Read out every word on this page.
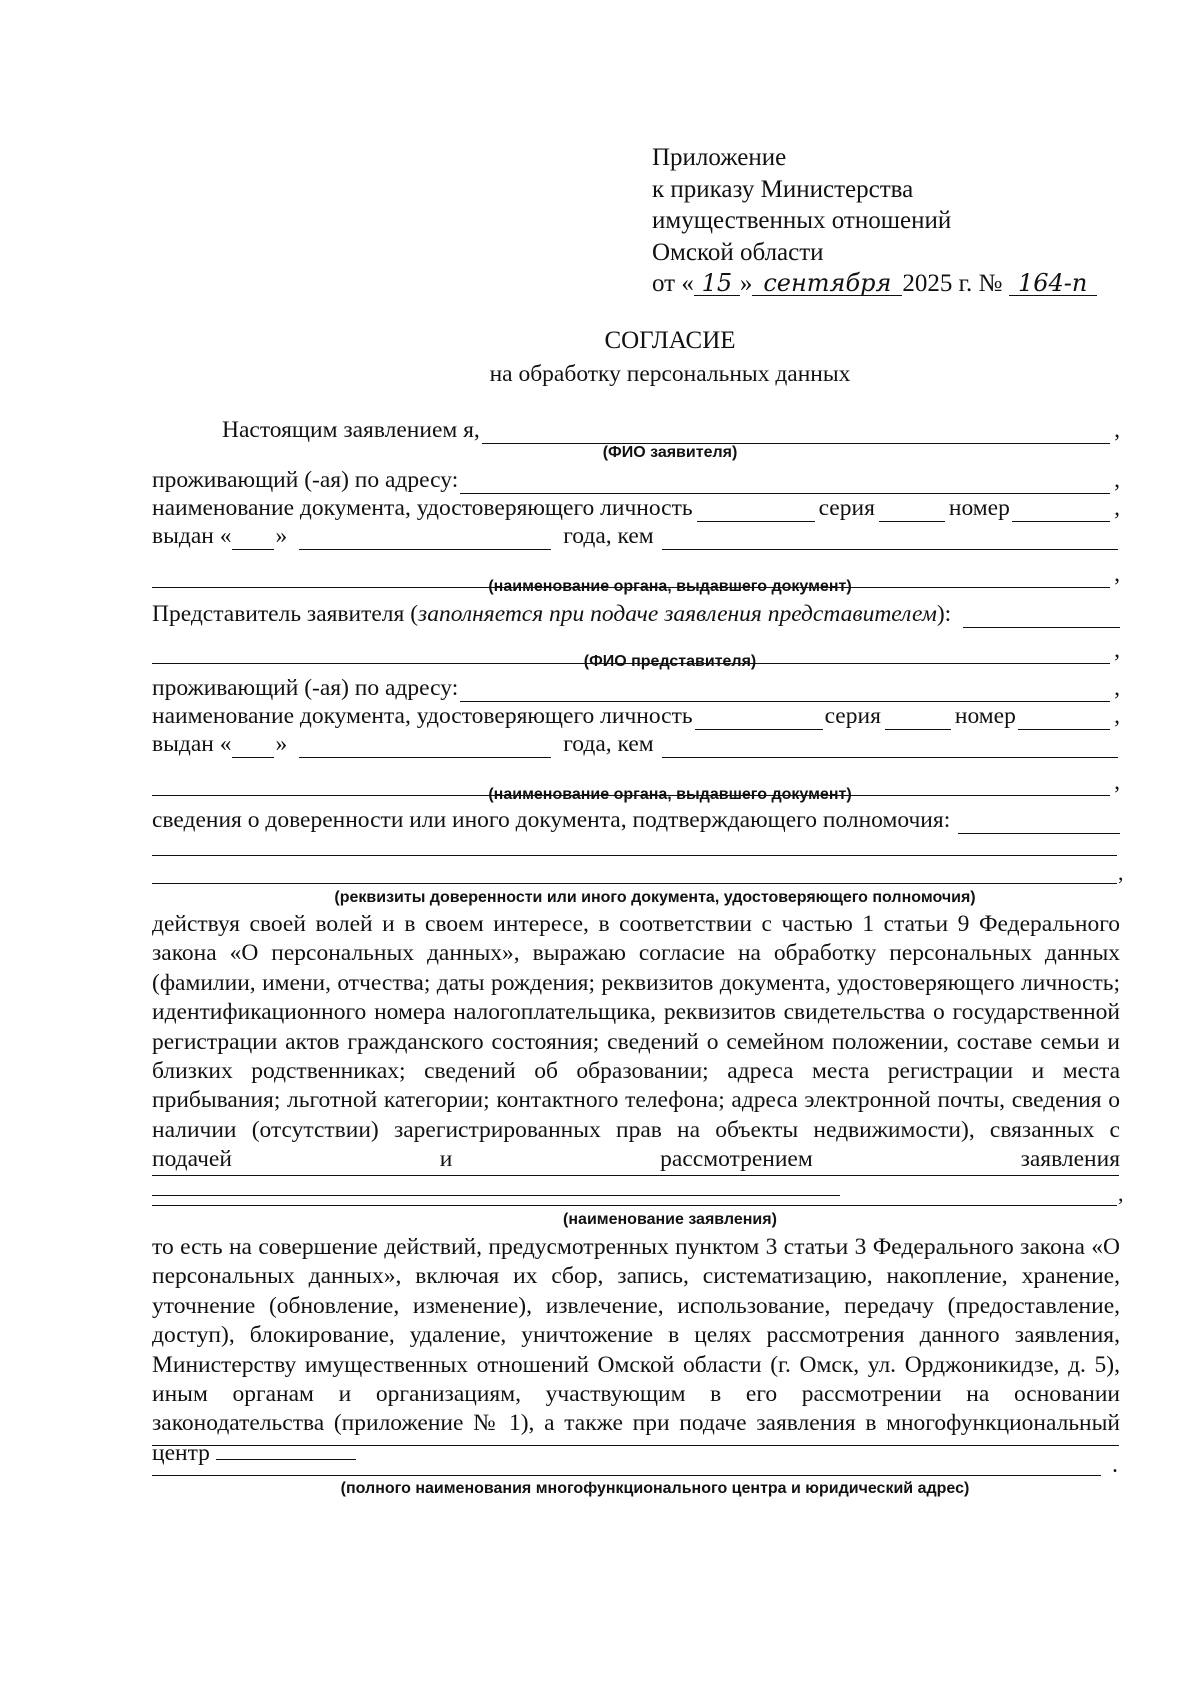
Приложение
к приказу Министерства
имущественных отношений
Омской области
от « 15 » сентября 2025 г. № 164-п
СОГЛАСИЕ
на обработку персональных данных
Настоящим заявлением я,	,
(ФИО заявителя)
проживающий (-ая) по адресу:	,
наименование документа, удостоверяющего личность	серия	номер	,
выдан « »	года, кем
,
(наименование органа, выдавшего документ)
Представитель заявителя ( заполняется при подаче заявления представителем ):
,
(ФИО представителя)
проживающий (-ая) по адресу:	,
наименование документа, удостоверяющего личность	серия	номер	,
выдан « »	года, кем
,
(наименование органа, выдавшего документ)
сведения о доверенности или иного документа, подтверждающего полномочия:
,
(реквизиты доверенности или иного документа, удостоверяющего полномочия)
действуя своей волей и в своем интересе, в соответствии с частью 1 статьи 9 Федерального закона «О персональных данных», выражаю согласие на обработку персональных данных (фамилии, имени, отчества; даты рождения; реквизитов документа, удостоверяющего личность; идентификационного номера налогоплательщика, реквизитов свидетельства о государственной регистрации актов гражданского состояния; сведений о семейном положении, составе семьи и близких родственниках; сведений об образовании; адреса места регистрации и места прибывания; льготной категории; контактного телефона; адреса электронной почты, сведения о наличии (отсутствии) зарегистрированных прав на объекты недвижимости), связанных с подачей и рассмотрением заявления
,
(наименование заявления)
то есть на совершение действий, предусмотренных пунктом 3 статьи 3 Федерального закона «О персональных данных», включая их сбор, запись, систематизацию, накопление, хранение, уточнение (обновление, изменение), извлечение, использование, передачу (предоставление, доступ), блокирование, удаление, уничтожение в целях рассмотрения данного заявления, Министерству имущественных отношений Омской области (г. Омск, ул. Орджоникидзе, д. 5), иным органам и организациям, участвующим в его рассмотрении на основании законодательства (приложение № 1), а также при подаче заявления в многофункциональный центр	.
(полного наименования многофункционального центра и юридический адрес)
